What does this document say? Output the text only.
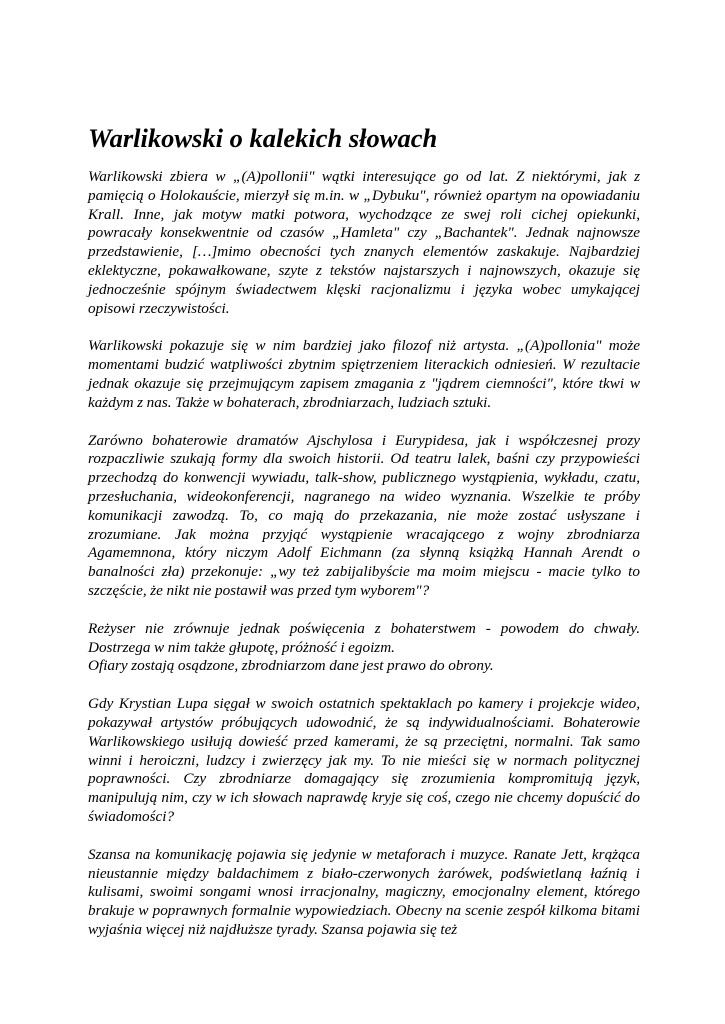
Warlikowski o kalekich słowach

Warlikowski zbiera w „(A)pollonii" wątki interesujące go od lat. Z niektórymi, jak z pamięcią o Holokauście, mierzył się m.in. w „Dybuku", również opartym na opowiadaniu Krall. Inne, jak motyw matki potwora, wychodzące ze swej roli cichej opiekunki, powracały konsekwentnie od czasów „Hamleta" czy „Bachantek". Jednak najnowsze przedstawienie, […]mimo obecności tych znanych elementów zaskakuje. Najbardziej eklektyczne, pokawałkowane, szyte z tekstów najstarszych i najnowszych, okazuje się jednocześnie spójnym świadectwem klęski racjonalizmu i języka wobec umykającej opisowi rzeczywistości.

Warlikowski pokazuje się w nim bardziej jako filozof niż artysta. „(A)pollonia" może momentami budzić watpliwości zbytnim spiętrzeniem literackich odniesień. W rezultacie jednak okazuje się przejmującym zapisem zmagania z "jądrem ciemności", które tkwi w każdym z nas. Także w bohaterach, zbrodniarzach, ludziach sztuki.

Zarówno bohaterowie dramatów Ajschylosa i Eurypidesa, jak i współczesnej prozy rozpaczliwie szukają formy dla swoich historii. Od teatru lalek, baśni czy przypowieści przechodzą do konwencji wywiadu, talk-show, publicznego wystąpienia, wykładu, czatu, przesłuchania, wideokonferencji, nagranego na wideo wyznania. Wszelkie te próby komunikacji zawodzą. To, co mają do przekazania, nie może zostać usłyszane i zrozumiane. Jak można przyjąć wystąpienie wracającego z wojny zbrodniarza Agamemnona, który niczym Adolf Eichmann (za słynną książką Hannah Arendt o banalności zła) przekonuje: „wy też zabijalibyście ma moim miejscu - macie tylko to szczęście, że nikt nie postawił was przed tym wyborem"?

Reżyser nie zrównuje jednak poświęcenia z bohaterstwem - powodem do chwały. Dostrzega w nim także głupotę, próżność i egoizm.

Ofiary zostają osądzone, zbrodniarzom dane jest prawo do obrony.

Gdy Krystian Lupa sięgał w swoich ostatnich spektaklach po kamery i projekcje wideo, pokazywał artystów próbujących udowodnić, że są indywidualnościami. Bohaterowie Warlikowskiego usiłują dowieść przed kamerami, że są przeciętni, normalni. Tak samo winni i heroiczni, ludzcy i zwierzęcy jak my. To nie mieści się w normach politycznej poprawności. Czy zbrodniarze domagający się zrozumienia kompromitują język, manipulują nim, czy w ich słowach naprawdę kryje się coś, czego nie chcemy dopuścić do świadomości?

Szansa na komunikację pojawia się jedynie w metaforach i muzyce. Ranate Jett, krążąca nieustannie między baldachimem z biało-czerwonych żarówek, podświetlaną łaźnią i kulisami, swoimi songami wnosi irracjonalny, magiczny, emocjonalny element, którego brakuje w poprawnych formalnie wypowiedziach. Obecny na scenie zespół kilkoma bitami wyjaśnia więcej niż najdłuższe tyrady. Szansa pojawia się też
